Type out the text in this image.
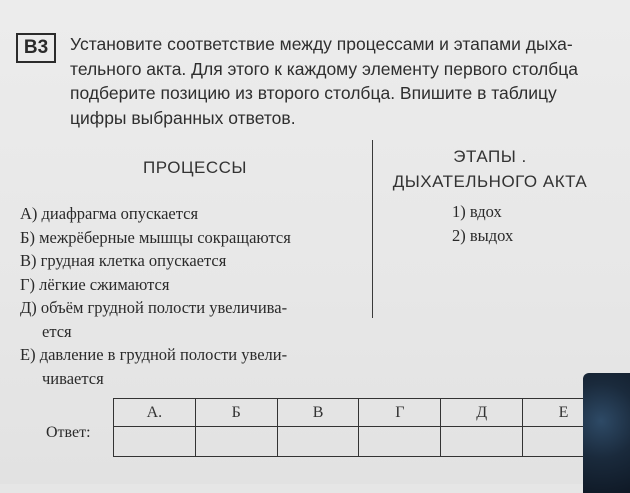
В3 Установите соответствие между процессами и этапами дыха-
тельного акта. Для этого к каждому элементу первого столбца
подберите позицию из второго столбца. Впишите в таблицу
цифры выбранных ответов.
ПРОЦЕССЫ
ЭТАПЫ .
ДЫХАТЕЛЬНОГО АКТА
А) диафрагма опускается
Б) межрёберные мышцы сокращаются
В) грудная клетка опускается
Г) лёгкие сжимаются
Д) объём грудной полости увеличива-
ется
Е) давление в грудной полости увели-
чивается
1) вдох
2) выдох
Ответ:
А.	Б	В	Г	Д	Е
